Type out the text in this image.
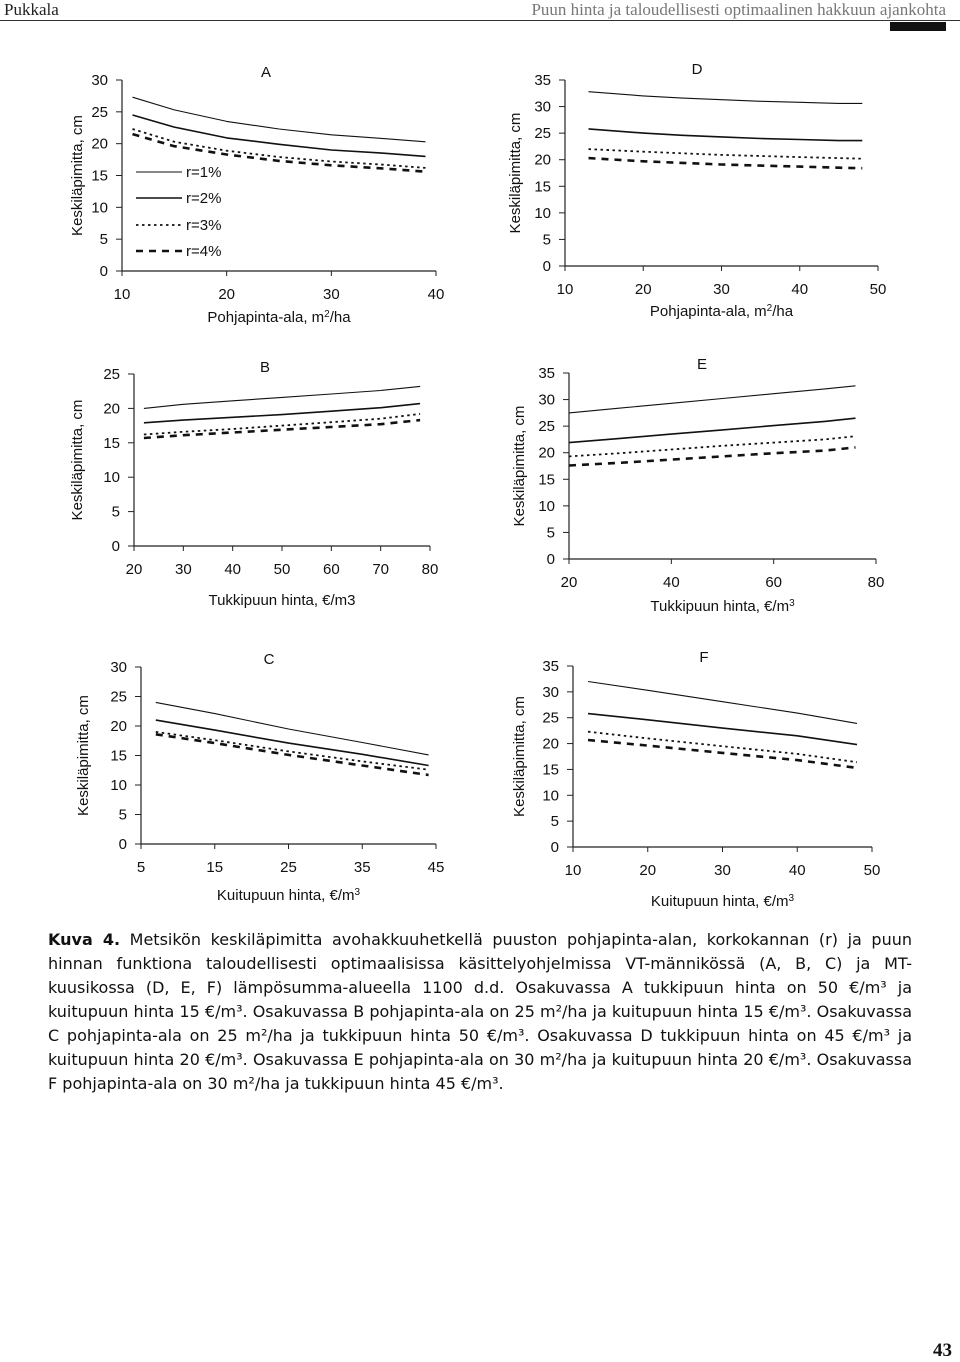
Pukkala	Puun hinta ja taloudellisesti optimaalinen hakkuun ajankohta
0
5
10
15
20
25
30
10	20	30	40
A
Keskiläpimitta, cm
Pohjapinta-ala, $m^2/ha$
0
5
10
15
20
25
30
35
10	20	30	40	50
D
Keskiläpimitta, cm
Pohjapinta-ala, $m^2/ha$
0
5
10
15
20
25
20 30 40 50 60 70 80
B
Keskiläpimitta, cm
Tukkipuun hinta, €/m3
0
5
10
15
20
25
30
35
20	40	60	80
E
Keskiläpimitta, cm
Tukkipuun hinta, $€/m^3$
0
5
10
15
20
25
30
5	15	25	35	45
C
Keskiläpimitta, cm
Kuitupuun hinta, $€/m^3$
0
5
10
15
20
25
30
35
10	20	30	40	50
F
Keskiläpimitta, cm
Kuitupuun hinta, $€/m^3$
r=1%
r=2%
r=3%
r=4%
Kuva 4. Metsikön keskiläpimitta avohakkuuhetkellä puuston pohjapinta-alan, korkokannan (r) ja puun hinnan funktiona taloudellisesti optimaalisissa käsittelyohjelmissa VT-männikössä (A, B, C) ja MT-kuusikossa (D, E, F) lämpösumma-alueella 1100 d.d. Osakuvassa A tukkipuun hinta on 50 €/m³ ja kuitupuun hinta 15 €/m³. Osakuvassa B pohjapinta-ala on 25 m²/ha ja kuitupuun hinta 15 €/m³. Osakuvassa C pohjapinta-ala on 25 m²/ha ja tukkipuun hinta 50 €/m³. Osakuvassa D tukkipuun hinta on 45 €/m³ ja kuitupuun hinta 20 €/m³. Osakuvassa E pohjapinta-ala on 30 m²/ha ja kuitupuun hinta 20 €/m³. Osakuvassa F pohjapinta-ala on 30 m²/ha ja tukkipuun hinta 45 €/m³.
43
